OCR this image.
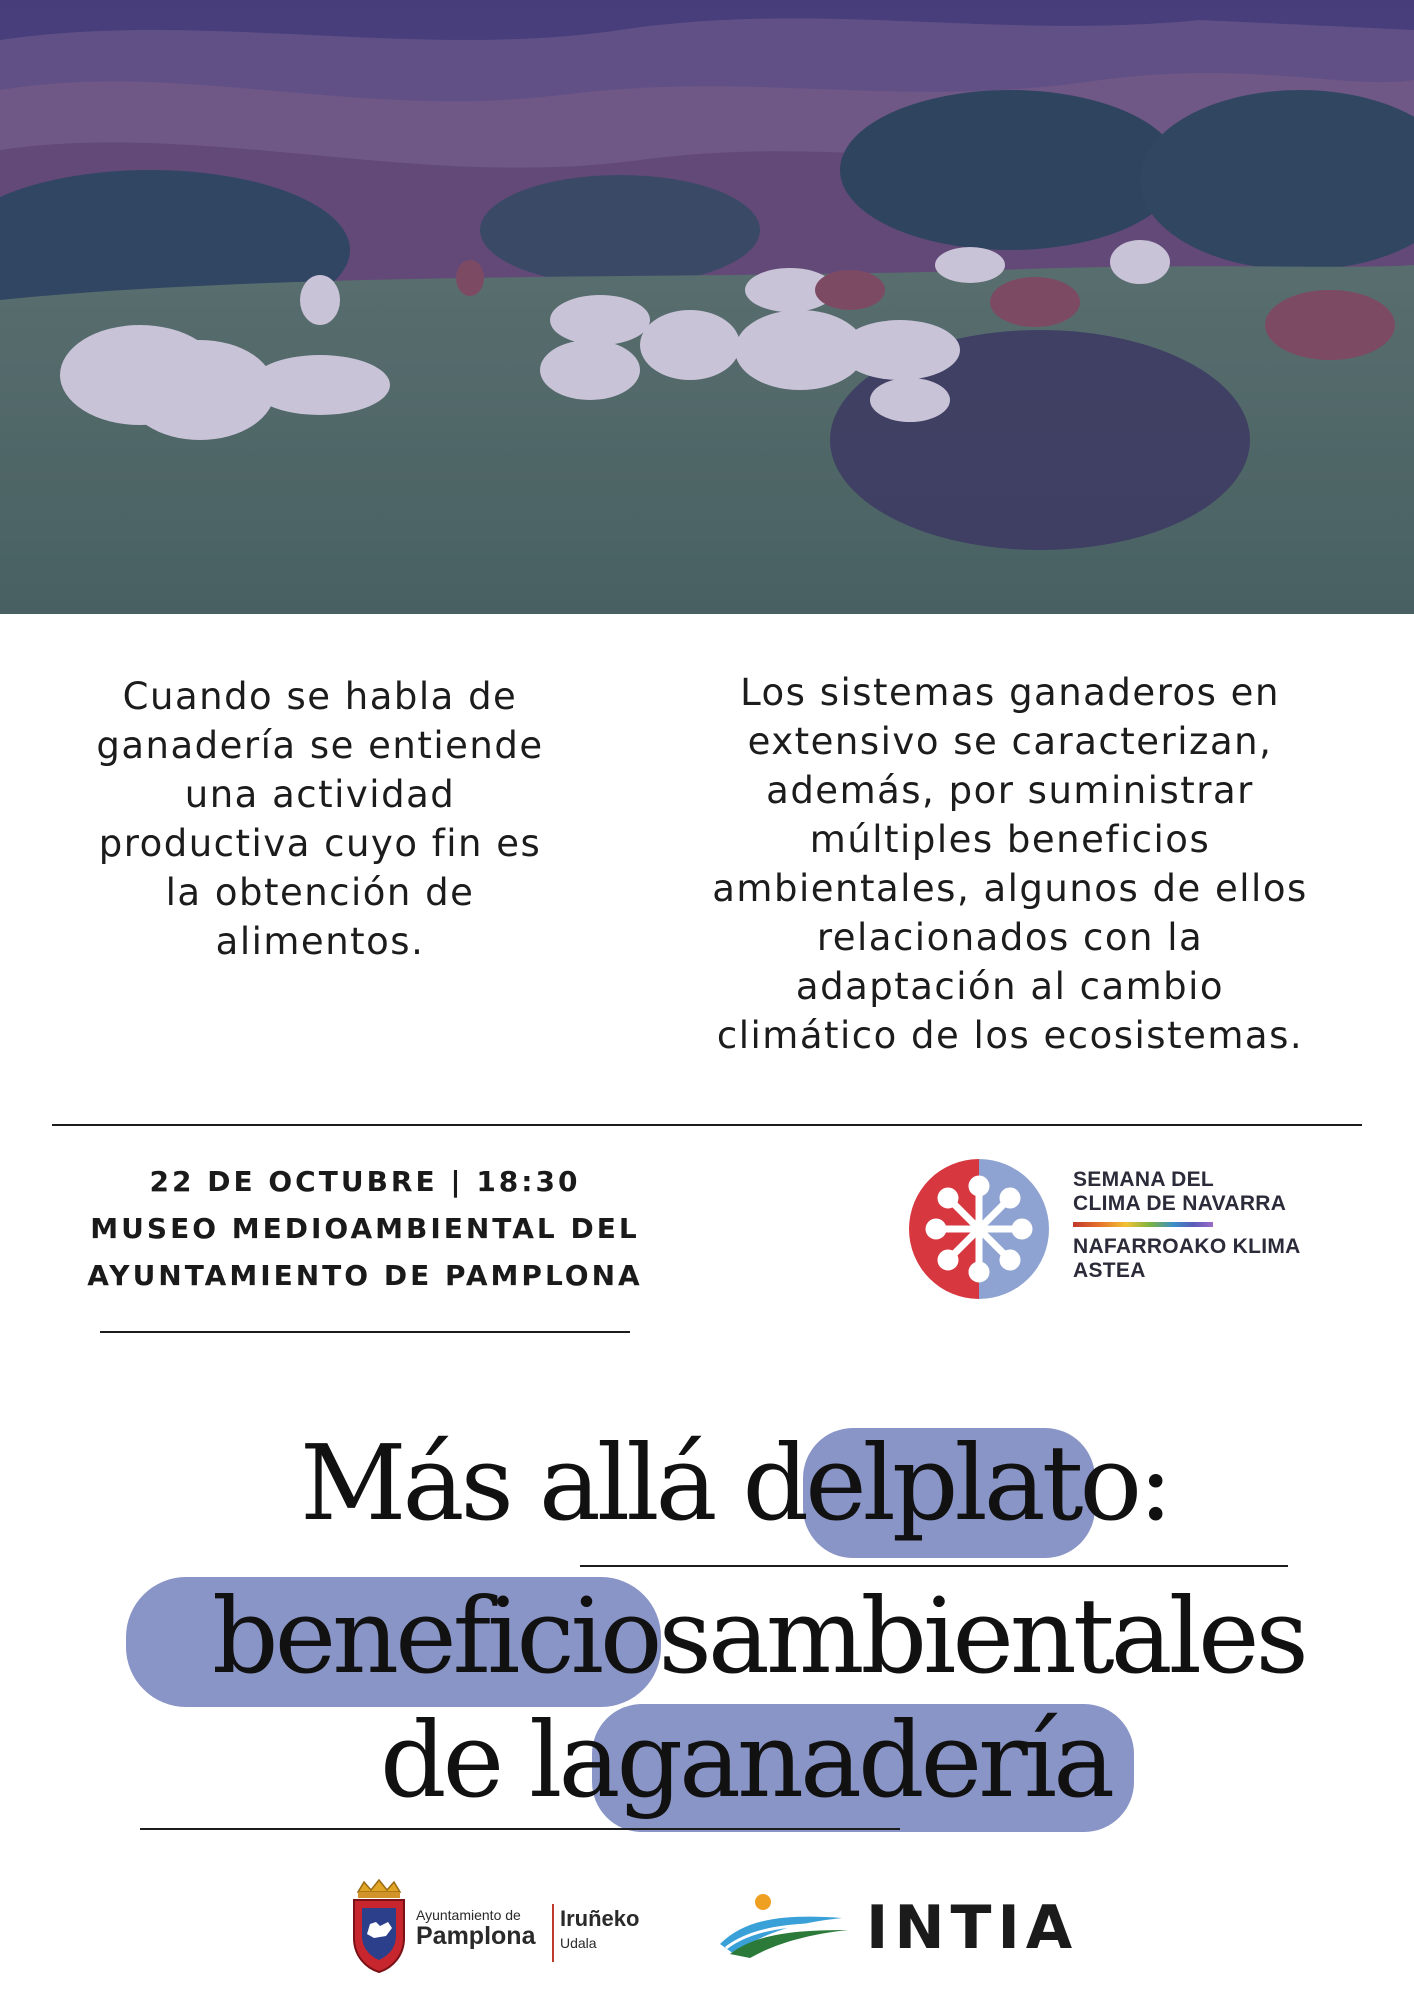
Cuando se habla de
ganadería se entiende
una actividad
productiva cuyo fin es
la obtención de
alimentos.
Los sistemas ganaderos en
extensivo se caracterizan,
además, por suministrar
múltiples beneficios
ambientales, algunos de ellos
relacionados con la
adaptación al cambio
climático de los ecosistemas.
22 DE OCTUBRE | 18:30
MUSEO MEDIOAMBIENTAL DEL
AYUNTAMIENTO DE PAMPLONA
SEMANA DEL
CLIMA DE NAVARRA
NAFARROAKO KLIMA
ASTEA
Más allá delplato:
beneficiosambientales
de laganadería
Ayuntamiento de
Pamplona
Iruñeko
Udala	INTIA
